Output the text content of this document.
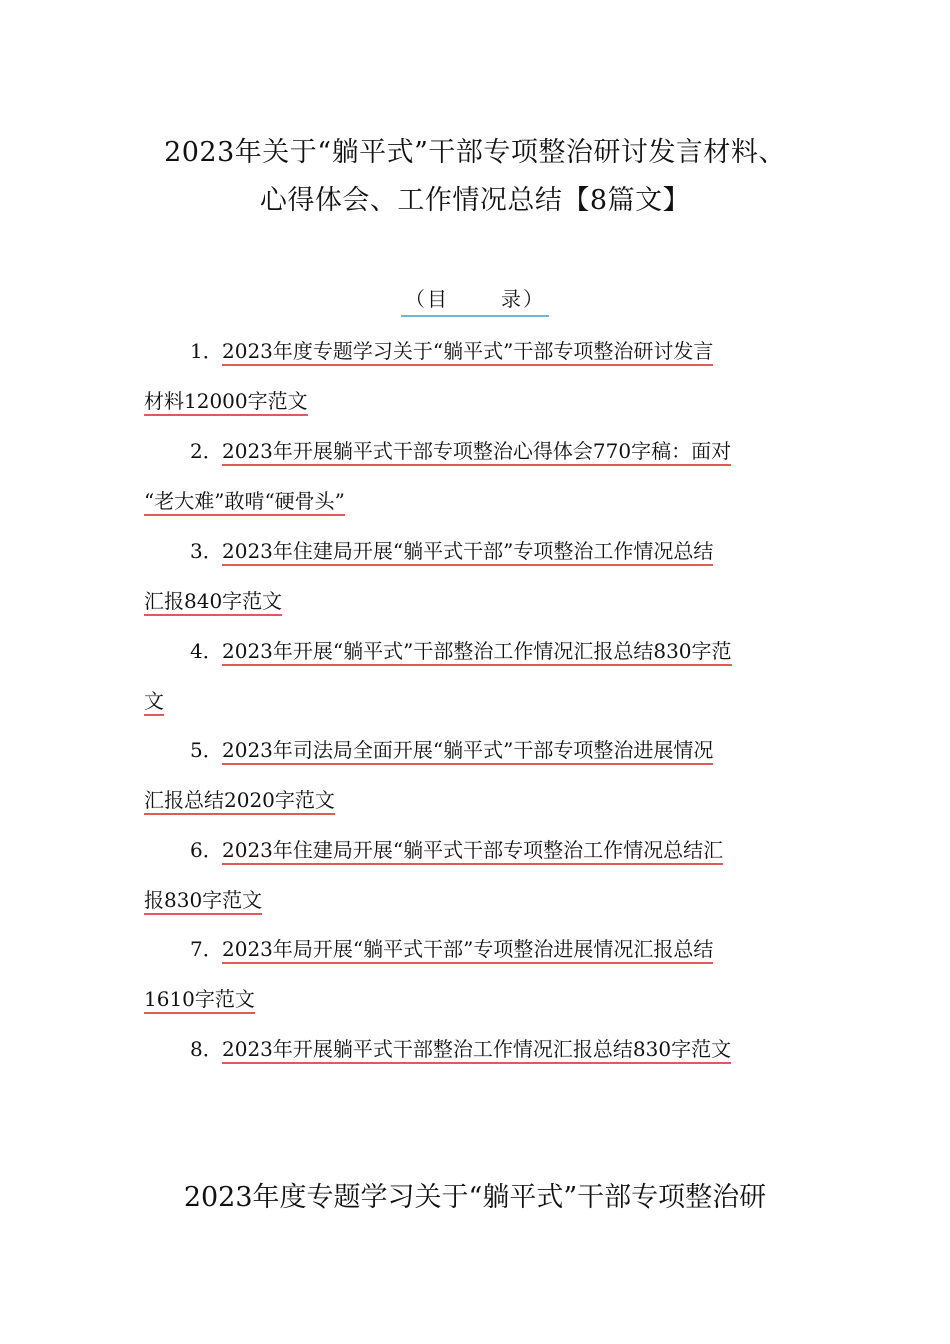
2023年关于“躺平式”干部专项整治研讨发言材料、
心得体会、工作情况总结【8篇文】
（目	录）
1．2023年度专题学习关于“躺平式”干部专项整治研讨发言
材料12000字范文
2．2023年开展躺平式干部专项整治心得体会770字稿：面对
“老大难”敢啃“硬骨头”
3．2023年住建局开展“躺平式干部”专项整治工作情况总结
汇报840字范文
4．2023年开展“躺平式”干部整治工作情况汇报总结830字范
文
5．2023年司法局全面开展“躺平式”干部专项整治进展情况
汇报总结2020字范文
6．2023年住建局开展“躺平式干部专项整治工作情况总结汇
报830字范文
7．2023年局开展“躺平式干部”专项整治进展情况汇报总结
1610字范文
8．2023年开展躺平式干部整治工作情况汇报总结830字范文
2023年度专题学习关于“躺平式”干部专项整治研
